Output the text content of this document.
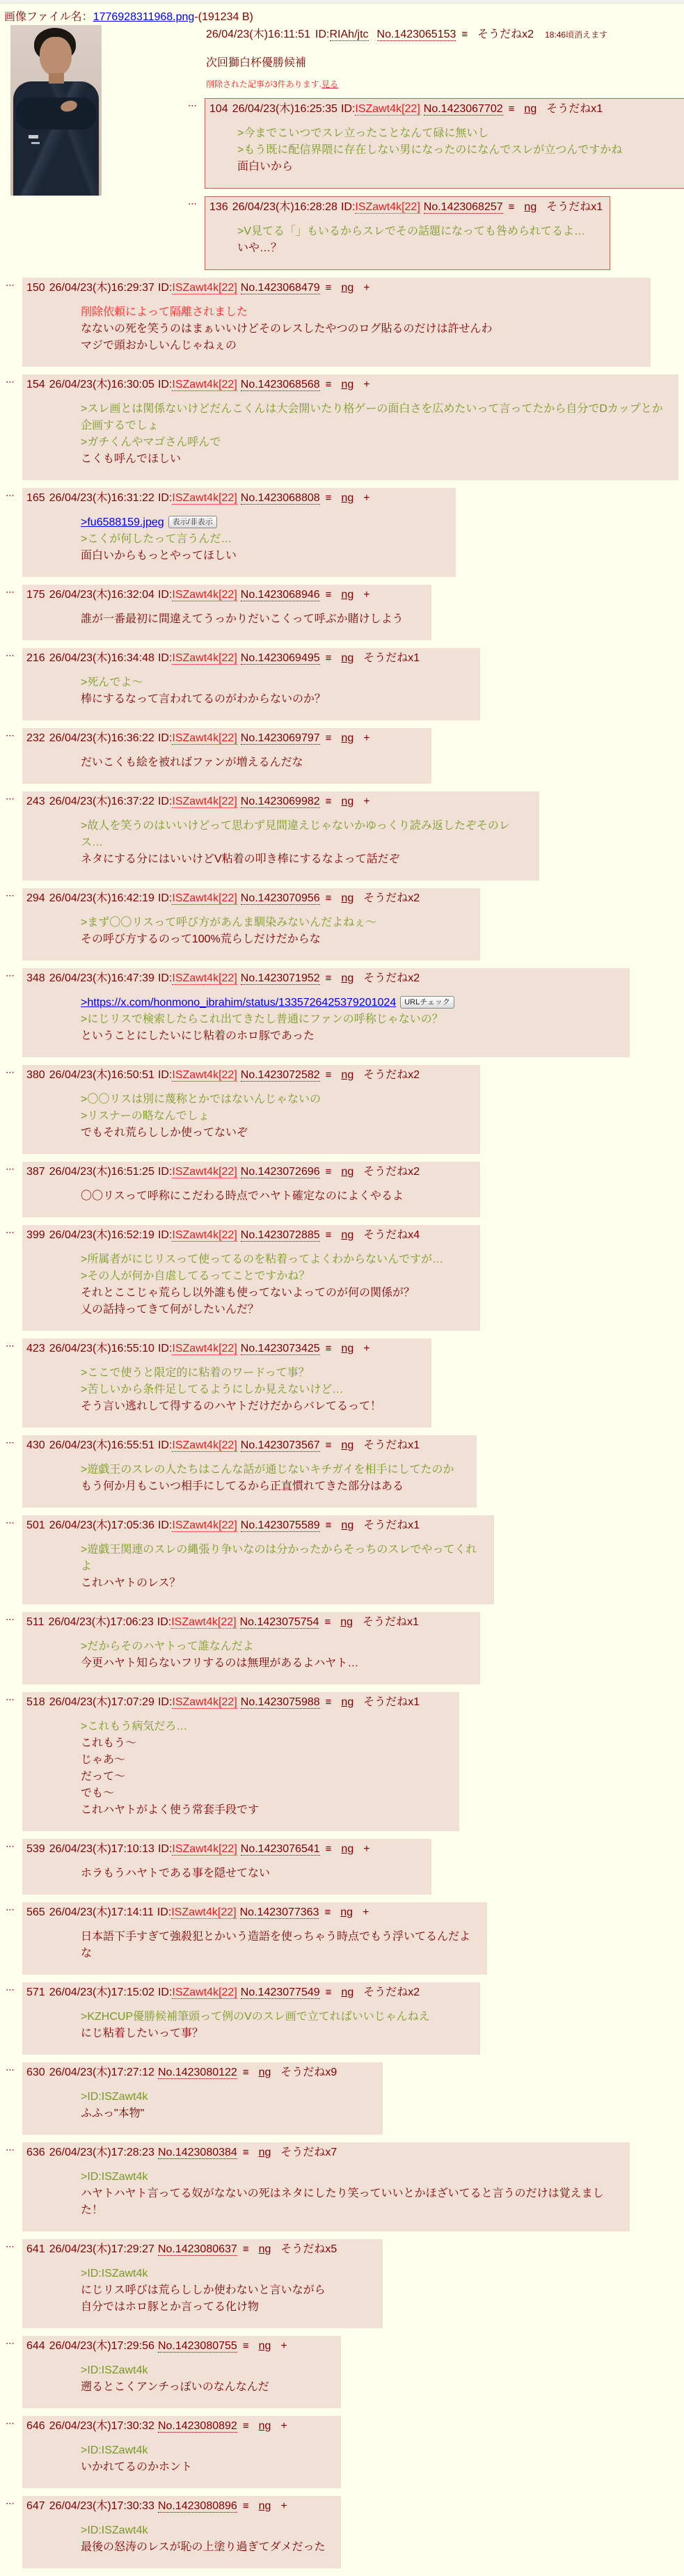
画像ファイル名：1776928311968.png-(191234 B)
26/04/23(木)16:11:51 ID:RIAh/jtc No.1423065153 ≡ そうだねx2 18:46頃消えます
次回獅白杯優勝候補
削除された記事が3件あります.見る
⋯ 104 26/04/23(木)16:25:35 ID:ISZawt4k[22] No.1423067702 ≡ ng そうだねx1
>今までこいつでスレ立ったことなんて碌に無いし
>もう既に配信界隈に存在しない男になったのになんでスレが立つんですかね
面白いから
⋯ 136 26/04/23(木)16:28:28 ID:ISZawt4k[22] No.1423068257 ≡ ng そうだねx1
>V見てる「」もいるからスレでその話題になっても咎められてるよ…
いや…？
⋯ 150 26/04/23(木)16:29:37 ID:ISZawt4k[22] No.1423068479 ≡ ng +
削除依頼によって隔離されました
なないの死を笑うのはまぁいいけどそのレスしたやつのログ貼るのだけは許せんわ
マジで頭おかしいんじゃねぇの
⋯ 154 26/04/23(木)16:30:05 ID:ISZawt4k[22] No.1423068568 ≡ ng +
>スレ画とは関係ないけどだんこくんは大会開いたり格ゲーの面白さを広めたいって言ってたから自分でDカップとか企画するでしょ
>ガチくんやマゴさん呼んで
こくも呼んでほしい
⋯ 165 26/04/23(木)16:31:22 ID:ISZawt4k[22] No.1423068808 ≡ ng +
>fu6588159.jpeg 表示/非表示
>こくが何したって言うんだ…
面白いからもっとやってほしい
⋯ 175 26/04/23(木)16:32:04 ID:ISZawt4k[22] No.1423068946 ≡ ng +
誰が一番最初に間違えてうっかりだいこくって呼ぶか賭けしよう
⋯ 216 26/04/23(木)16:34:48 ID:ISZawt4k[22] No.1423069495 ≡ ng そうだねx1
>死んでよ～
棒にするなって言われてるのがわからないのか？
⋯ 232 26/04/23(木)16:36:22 ID:ISZawt4k[22] No.1423069797 ≡ ng +
だいこくも絵を被ればファンが増えるんだな
⋯ 243 26/04/23(木)16:37:22 ID:ISZawt4k[22] No.1423069982 ≡ ng +
>故人を笑うのはいいけどって思わず見間違えじゃないかゆっくり読み返したぞそのレス…
ネタにする分にはいいけどV粘着の叩き棒にするなよって話だぞ
⋯ 294 26/04/23(木)16:42:19 ID:ISZawt4k[22] No.1423070956 ≡ ng そうだねx2
>まず〇〇リスって呼び方があんま馴染みないんだよねぇ～
その呼び方するのって100%荒らしだけだからな
⋯ 348 26/04/23(木)16:47:39 ID:ISZawt4k[22] No.1423071952 ≡ ng そうだねx2
>https://x.com/honmono_ibrahim/status/1335726425379201024 URLチェック
>にじリスで検索したらこれ出てきたし普通にファンの呼称じゃないの？
ということにしたいにじ粘着のホロ豚であった
⋯ 380 26/04/23(木)16:50:51 ID:ISZawt4k[22] No.1423072582 ≡ ng そうだねx2
>〇〇リスは別に蔑称とかではないんじゃないの
>リスナーの略なんでしょ
でもそれ荒らししか使ってないぞ
⋯ 387 26/04/23(木)16:51:25 ID:ISZawt4k[22] No.1423072696 ≡ ng そうだねx2
〇〇リスって呼称にこだわる時点でハヤト確定なのによくやるよ
⋯ 399 26/04/23(木)16:52:19 ID:ISZawt4k[22] No.1423072885 ≡ ng そうだねx4
>所属者がにじリスって使ってるのを粘着ってよくわからないんですが…
>その人が何か自虐してるってことですかね？
それとここじゃ荒らし以外誰も使ってないよってのが何の関係が？
乂の話持ってきて何がしたいんだ？
⋯ 423 26/04/23(木)16:55:10 ID:ISZawt4k[22] No.1423073425 ≡ ng +
>ここで使うと限定的に粘着のワードって事？
>苦しいから条件足してるようにしか見えないけど…
そう言い逃れして得するのハヤトだけだからバレてるって！
⋯ 430 26/04/23(木)16:55:51 ID:ISZawt4k[22] No.1423073567 ≡ ng そうだねx1
>遊戯王のスレの人たちはこんな話が通じないキチガイを相手にしてたのか
もう何か月もこいつ相手にしてるから正直慣れてきた部分はある
⋯ 501 26/04/23(木)17:05:36 ID:ISZawt4k[22] No.1423075589 ≡ ng そうだねx1
>遊戯王関連のスレの縄張り争いなのは分かったからそっちのスレでやってくれよ
これハヤトのレス？
⋯ 511 26/04/23(木)17:06:23 ID:ISZawt4k[22] No.1423075754 ≡ ng そうだねx1
>だからそのハヤトって誰なんだよ
今更ハヤト知らないフリするのは無理があるよハヤト…
⋯ 518 26/04/23(木)17:07:29 ID:ISZawt4k[22] No.1423075988 ≡ ng そうだねx1
>これもう病気だろ…
これもう～
じゃあ～
だって～
でも～
これハヤトがよく使う常套手段です
⋯ 539 26/04/23(木)17:10:13 ID:ISZawt4k[22] No.1423076541 ≡ ng +
ホラもうハヤトである事を隠せてない
⋯ 565 26/04/23(木)17:14:11 ID:ISZawt4k[22] No.1423077363 ≡ ng +
日本語下手すぎて強殺犯とかいう造語を使っちゃう時点でもう浮いてるんだよな
⋯ 571 26/04/23(木)17:15:02 ID:ISZawt4k[22] No.1423077549 ≡ ng そうだねx2
>KZHCUP優勝候補筆頭って例のVのスレ画で立てればいいじゃんねえ
にじ粘着したいって事？
⋯ 630 26/04/23(木)17:27:12 No.1423080122 ≡ ng そうだねx9
>ID:ISZawt4k
ふふっ"本物"
⋯ 636 26/04/23(木)17:28:23 No.1423080384 ≡ ng そうだねx7
>ID:ISZawt4k
ハヤトハヤト言ってる奴がなないの死はネタにしたり笑っていいとかほざいてると言うのだけは覚えました！
⋯ 641 26/04/23(木)17:29:27 No.1423080637 ≡ ng そうだねx5
>ID:ISZawt4k
にじリス呼びは荒らししか使わないと言いながら
自分ではホロ豚とか言ってる化け物
⋯ 644 26/04/23(木)17:29:56 No.1423080755 ≡ ng +
>ID:ISZawt4k
遡るとこくアンチっぽいのなんなんだ
⋯ 646 26/04/23(木)17:30:32 No.1423080892 ≡ ng +
>ID:ISZawt4k
いかれてるのかホント
⋯ 647 26/04/23(木)17:30:33 No.1423080896 ≡ ng +
>ID:ISZawt4k
最後の怒涛のレスが恥の上塗り過ぎてダメだった
